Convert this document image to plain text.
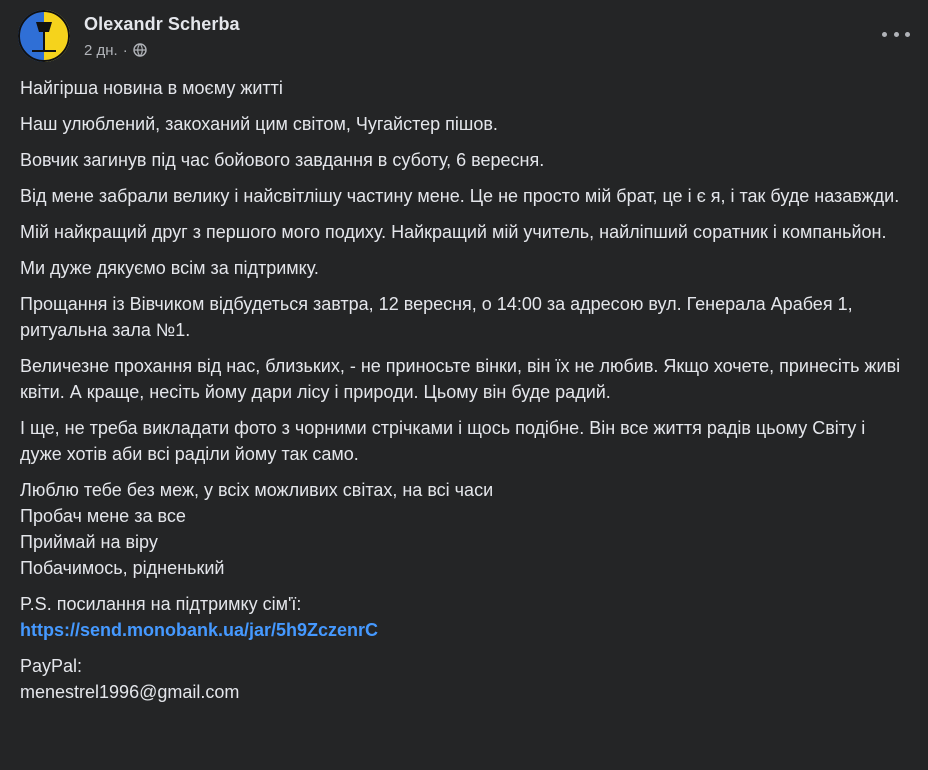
Olexandr Scherba
2 дн. ·

Найгірша новина в моєму житті

Наш улюблений, закоханий цим світом, Чугайстер пішов.

Вовчик загинув під час бойового завдання в суботу, 6 вересня.

Від мене забрали велику і найсвітлішу частину мене. Це не просто мій брат, це і є я, і так буде назавжди.

Мій найкращий друг з першого мого подиху. Найкращий мій учитель, найліпший соратник і компаньйон.

Ми дуже дякуємо всім за підтримку.

Прощання із Вівчиком відбудеться завтра, 12 вересня, о 14:00 за адресою вул. Генерала Арабея 1, ритуальна зала №1.

Величезне прохання від нас, близьких, - не приносьте вінки, він їх не любив. Якщо хочете, принесіть живі квіти. А краще, несіть йому дари лісу і природи. Цьому він буде радий.

І ще, не треба викладати фото з чорними стрічками і щось подібне. Він все життя радів цьому Світу і дуже хотів аби всі раділи йому так само.

Люблю тебе без меж, у всіх можливих світах, на всі часи
Пробач мене за все
Приймай на віру
Побачимось, рідненький

P.S. посилання на підтримку сім'ї:
https://send.monobank.ua/jar/5h9ZczenrC

PayPal:
menestrel1996@gmail.com
